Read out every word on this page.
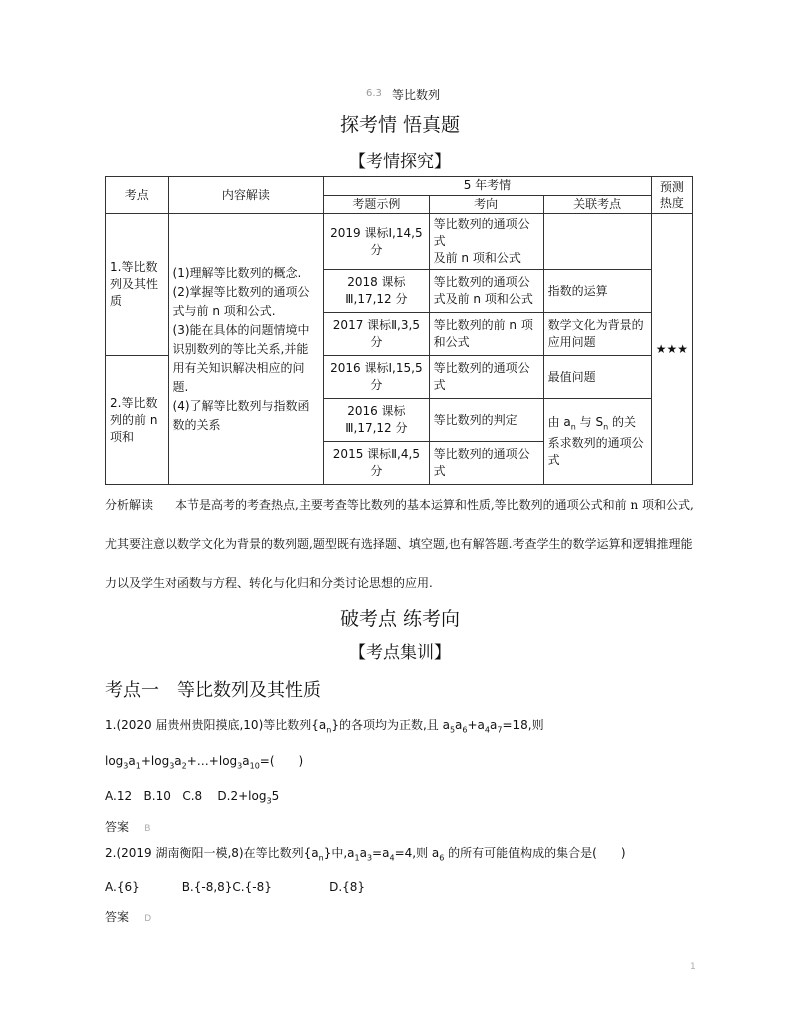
6.3 等比数列
探考情 悟真题
【考情探究】
考点	内容解读	5 年考情			预测热度
		考题示例	考向	关联考点	
1.等比数列及其性质	(1)理解等比数列的概念.
(2)掌握等比数列的通项公式与前 n 项和公式.
(3)能在具体的问题情境中识别数列的等比关系,并能用有关知识解决相应的问题.
(4)了解等比数列与指数函数的关系	2019 课标Ⅰ,14,5 分	等比数列的通项公式
及前 n 项和公式		★★★
		2018 课标Ⅲ,17,12 分	等比数列的通项公式及前 n 项和公式	指数的运算	
		2017 课标Ⅱ,3,5 分	等比数列的前 n 项和公式	数学文化为背景的应用问题	
2.等比数列的前 n 项和		2016 课标Ⅰ,15,5 分	等比数列的通项公式	最值问题	
		2016 课标Ⅲ,17,12 分	等比数列的判定	由 $a_n$ 与 $S_n$ 的关系求数列的通项公式	
		2015 课标Ⅱ,4,5 分	等比数列的通项公式		
分析解读 本节是高考的考查热点,主要考查等比数列的基本运算和性质,等比数列的通项公式和前 n 项和公式,尤其要注意以数学文化为背景的数列题,题型既有选择题、填空题,也有解答题.考查学生的数学运算和逻辑推理能力以及学生对函数与方程、转化与化归和分类讨论思想的应用.
破考点 练考向
【考点集训】
考点一　等比数列及其性质
1.(2020 届贵州贵阳摸底,10)等比数列$\{a_n\}$的各项均为正数,且 $a_5a_6+a_4a_7=18$,则
$\log_3a_1+\log_3a_2+\dots+\log_3a_{10}=$(　　)
A.12 B.10 C.8 $D.2+\log_35$
答案 B
2.(2019 湖南衡阳一模,8)在等比数列$\{a_n\}$中$,a_1a_3=a_4=4$,则 $a_6$ 的所有可能值构成的集合是(　　)
A.{6}	B.{-8,8}C.{-8}	D.{8}
答案 D
1
